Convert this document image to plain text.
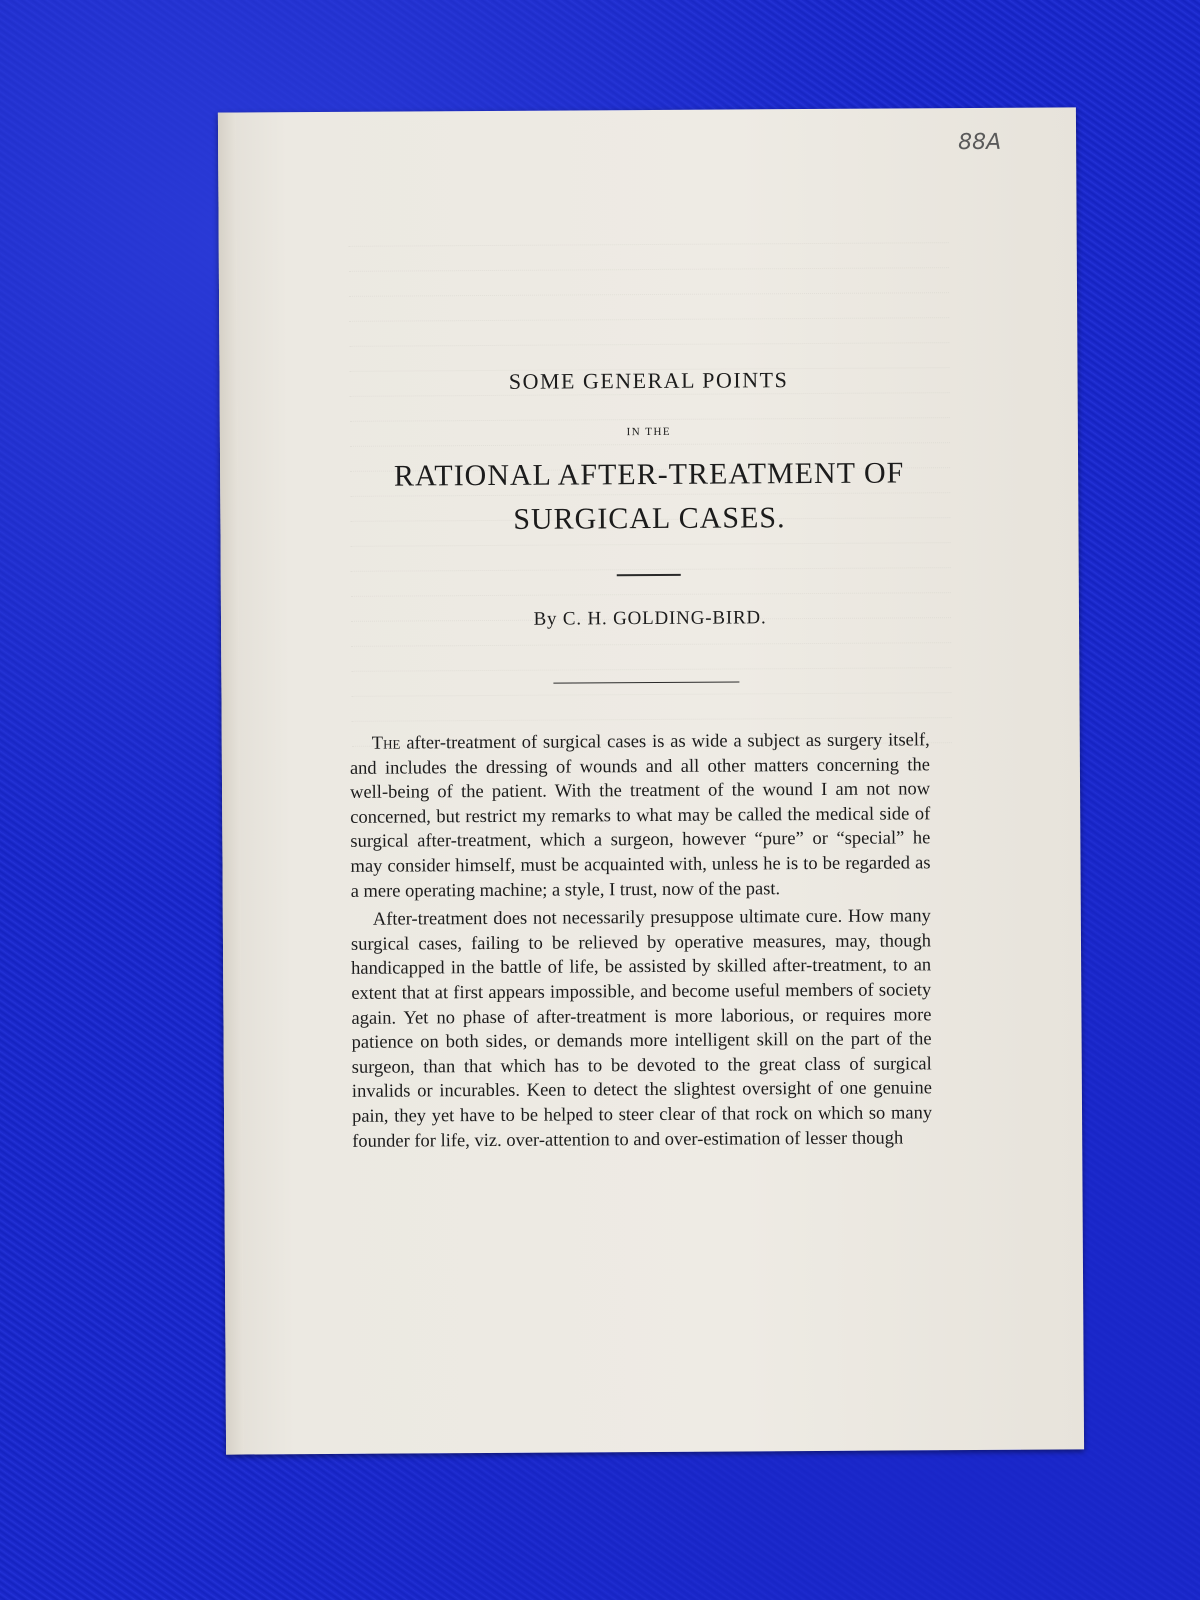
88A
SOME GENERAL POINTS
IN THE
RATIONAL AFTER-TREATMENT OF
SURGICAL CASES.
By C. H. GOLDING-BIRD.

The after-treatment of surgical cases is as wide a subject as surgery itself, and includes the dressing of wounds and all other matters concerning the well-being of the patient. With the treatment of the wound I am not now concerned, but restrict my remarks to what may be called the medical side of surgical after-treatment, which a surgeon, however “pure” or “special” he may consider himself, must be acquainted with, unless he is to be regarded as a mere operating machine; a style, I trust, now of the past.

After-treatment does not necessarily presuppose ultimate cure. How many surgical cases, failing to be relieved by operative measures, may, though handicapped in the battle of life, be assisted by skilled after-treatment, to an extent that at first appears impossible, and become useful members of society again. Yet no phase of after-treatment is more laborious, or requires more patience on both sides, or demands more intelligent skill on the part of the surgeon, than that which has to be devoted to the great class of surgical invalids or incurables. Keen to detect the slightest oversight of one genuine pain, they yet have to be helped to steer clear of that rock on which so many founder for life, viz. over-attention to and over-estimation of lesser though
